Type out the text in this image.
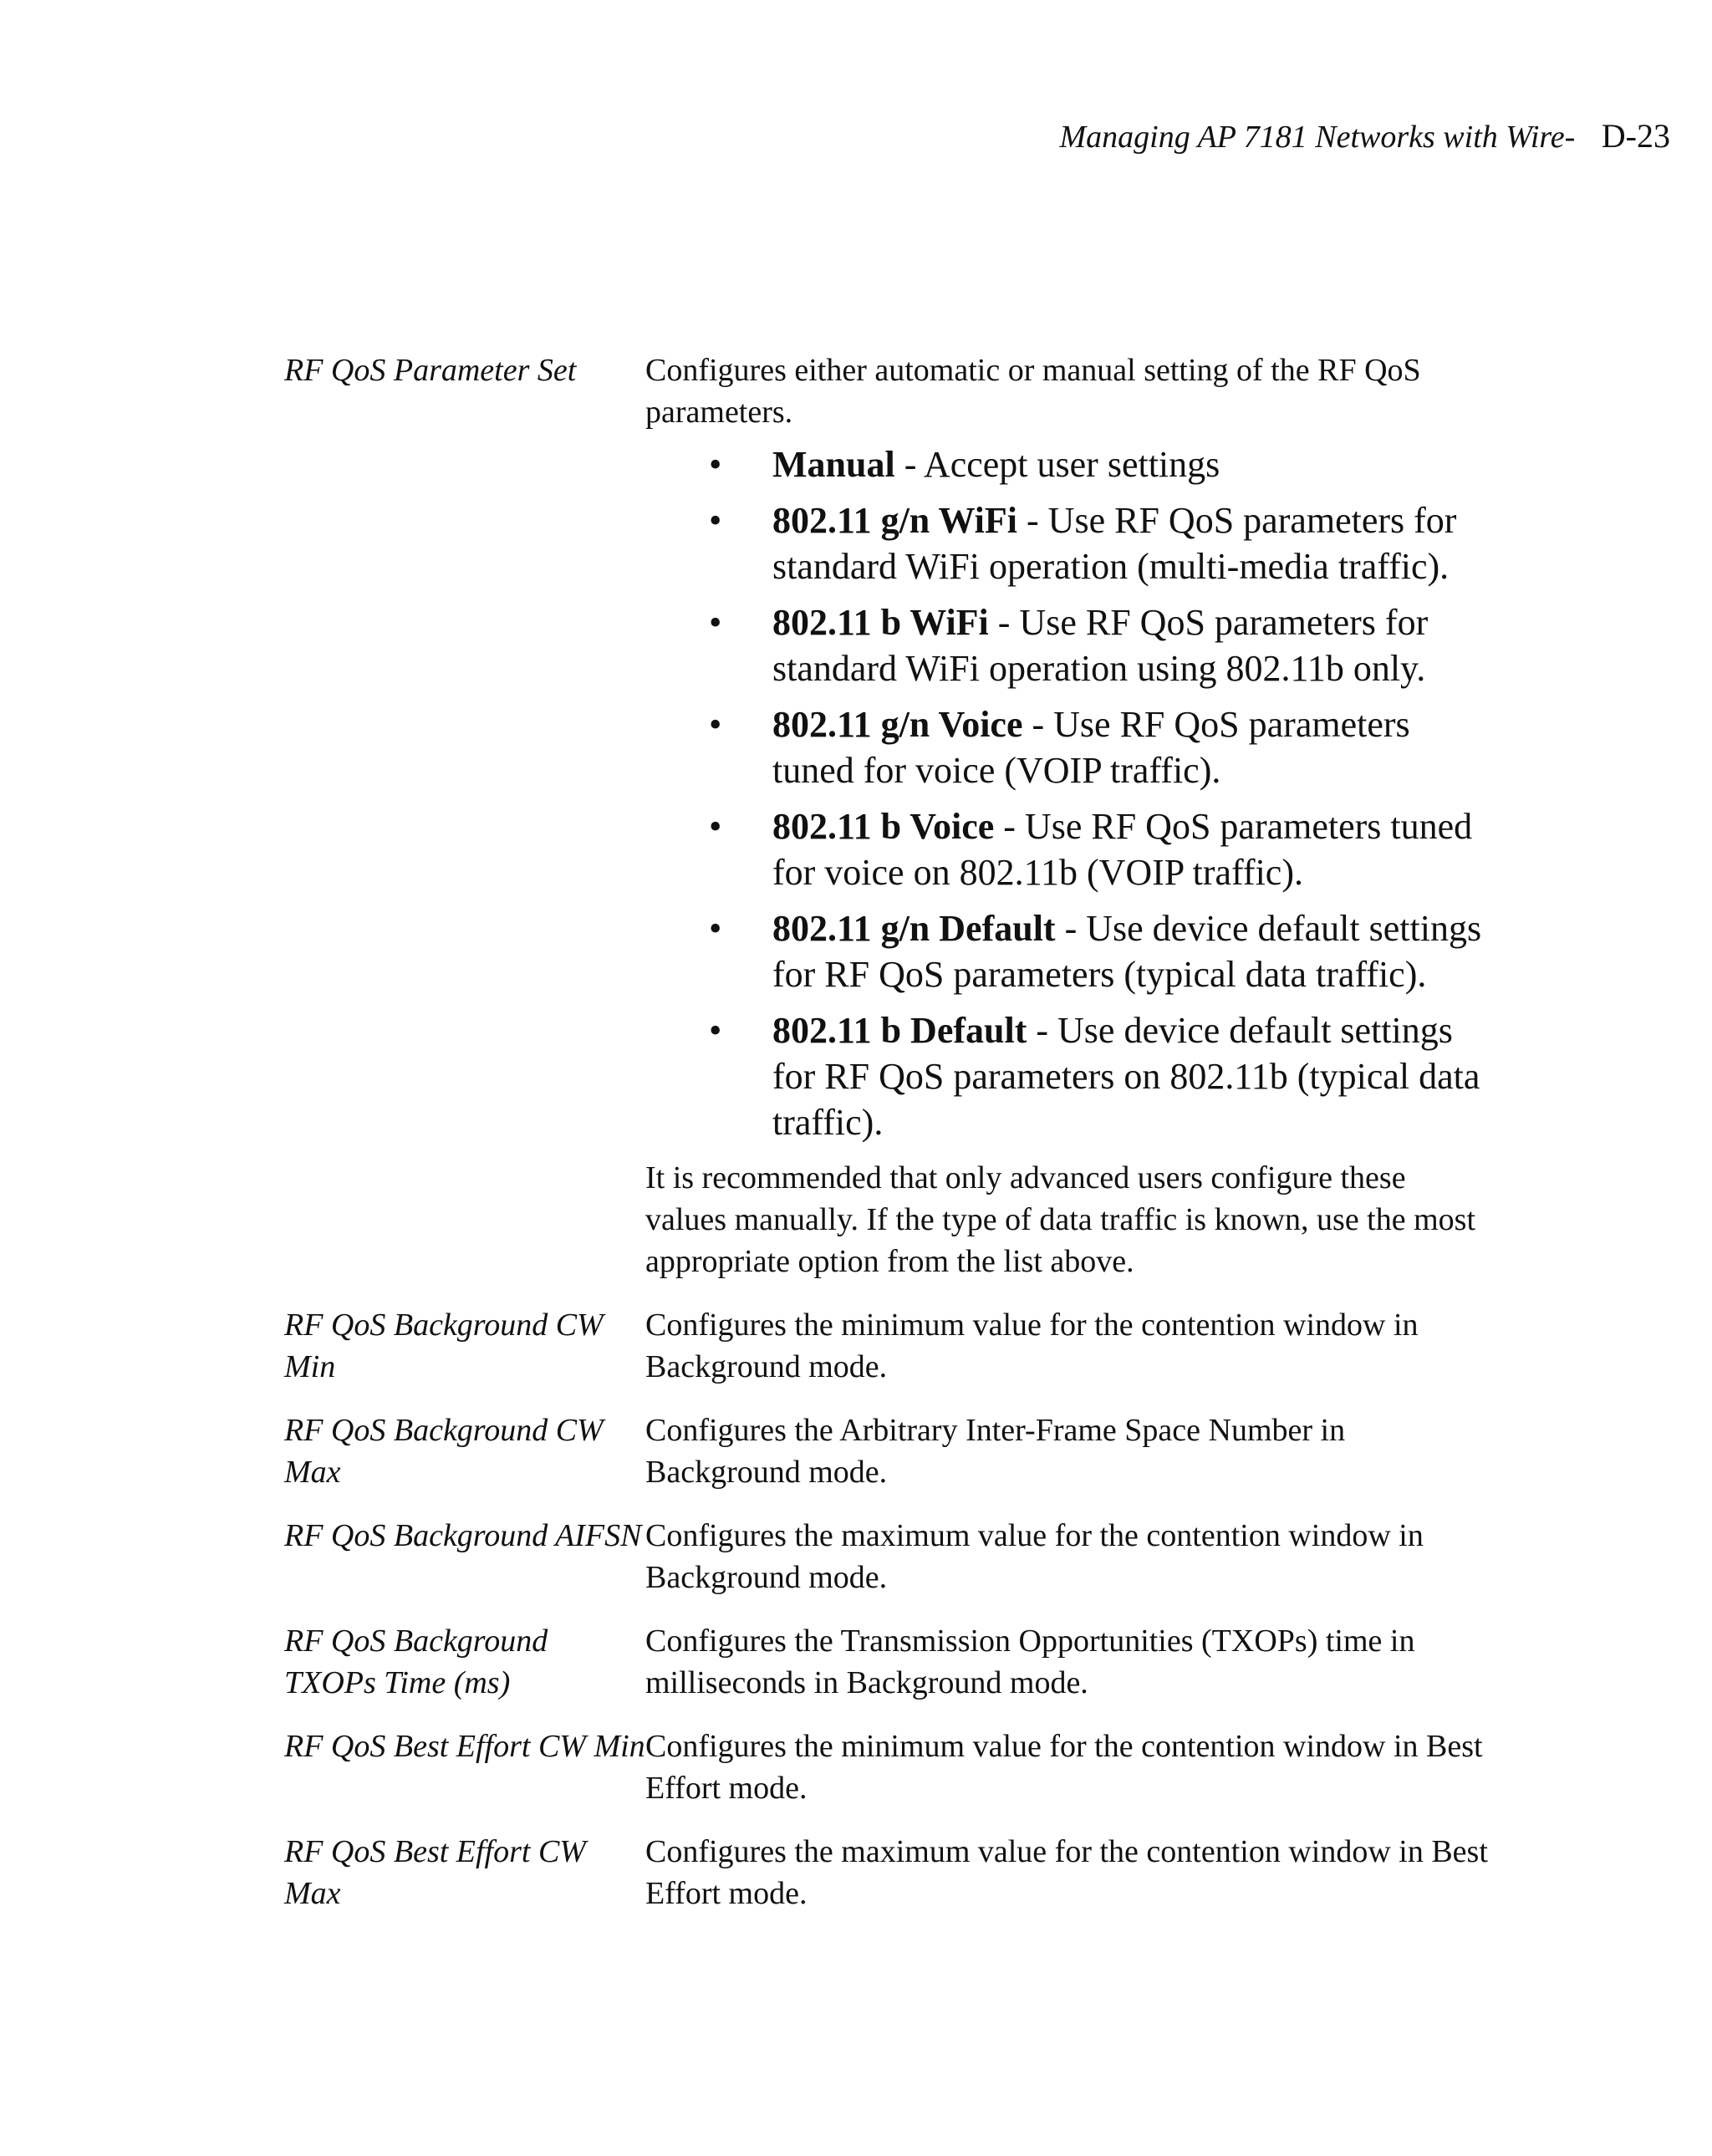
Managing AP 7181 Networks with Wire- D-23
RF QoS Parameter Set	Configures either automatic or manual setting of the RF QoS parameters.

• Manual - Accept user settings
• 802.11 g/n WiFi - Use RF QoS parameters for standard WiFi operation (multi-media traffic).
• 802.11 b WiFi - Use RF QoS parameters for standard WiFi operation using 802.11b only.
• 802.11 g/n Voice - Use RF QoS parameters tuned for voice (VOIP traffic).
• 802.11 b Voice - Use RF QoS parameters tuned for voice on 802.11b (VOIP traffic).
• 802.11 g/n Default - Use device default settings for RF QoS parameters (typical data traffic).
• 802.11 b Default - Use device default settings for RF QoS parameters on 802.11b (typical data traffic).

It is recommended that only advanced users configure these values manually. If the type of data traffic is known, use the most appropriate option from the list above.

RF QoS Background CW Min
Configures the minimum value for the contention window in Background mode.
RF QoS Background CW Max
Configures the Arbitrary Inter-Frame Space Number in Background mode.
RF QoS Background AIFSN Configures the maximum value for the contention window in Background mode.
RF QoS Background TXOPs Time (ms)
Configures the Transmission Opportunities (TXOPs) time in milliseconds in Background mode.
RF QoS Best Effort CW Min Configures the minimum value for the contention window in Best Effort mode.
RF QoS Best Effort CW Max
Configures the maximum value for the contention window in Best Effort mode.
